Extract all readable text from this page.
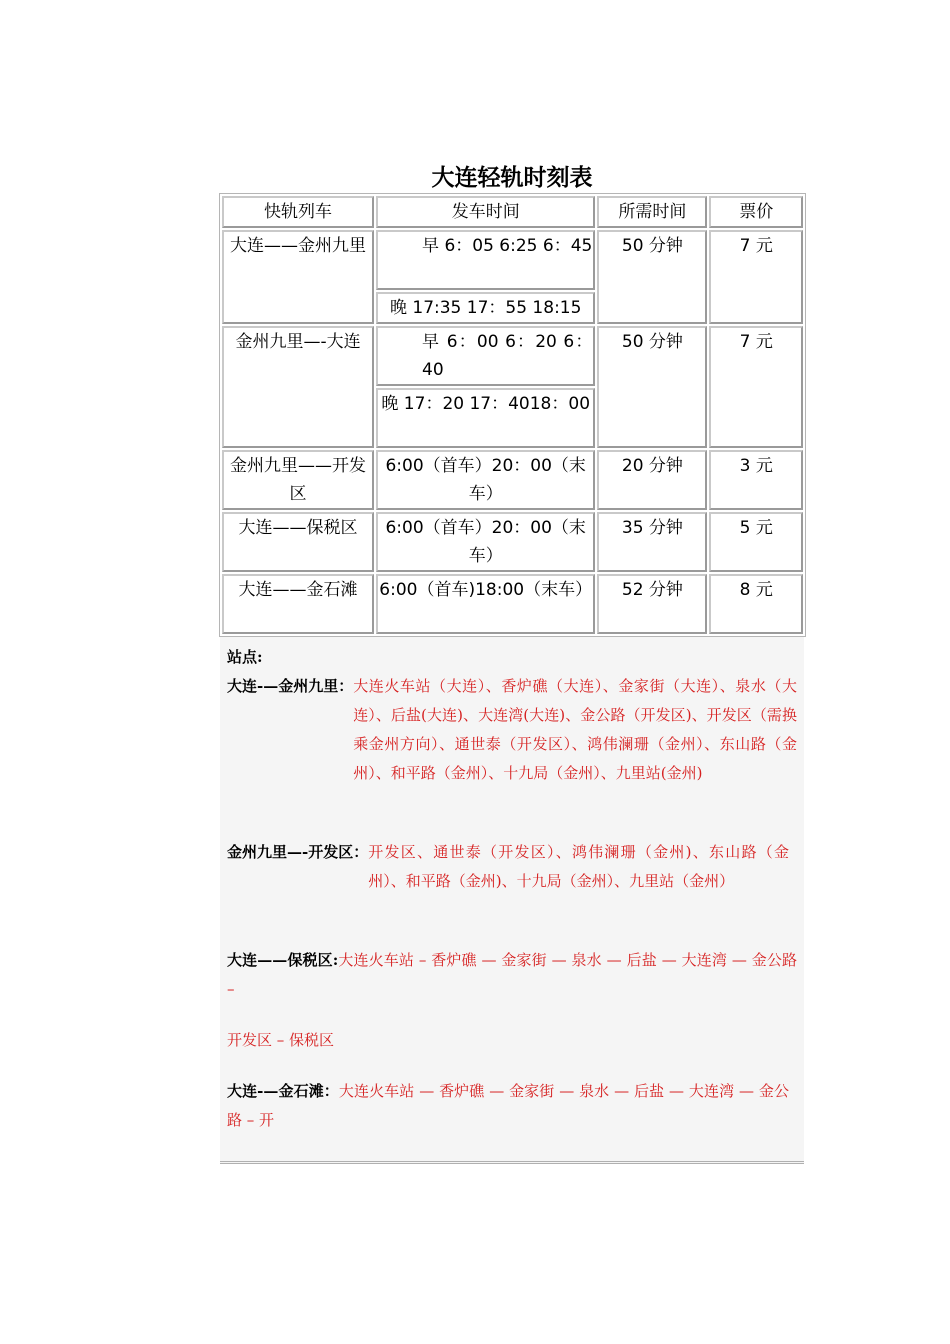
大连轻轨时刻表
快轨列车	发车时间	所需时间	票价
大连——金州九里	早 6：05 6:25 6：45	50 分钟	7 元
	晚 17:35 17：55 18:15		
金州九里—-大连	早 6：00 6：20 6：40	50 分钟	7 元
	晚 17：20 17：4018：00		
金州九里——开发区	6:00（首车）20：00（末车）	20 分钟	3 元
大连——保税区	6:00（首车）20：00（末车）	35 分钟	5 元
大连——金石滩	6:00（首车)18:00（末车）	52 分钟	8 元
站点:
大连-—金州九里： 大连火车站（大连）、香炉礁（大连）、金家街（大连）、泉水（大连）、后盐(大连)、大连湾(大连)、金公路（开发区)、开发区（需换乘金州方向）、通世泰（开发区）、鸿伟澜珊（金州）、东山路（金州）、和平路（金州）、十九局（金州）、九里站(金州)
金州九里—-开发区： 开发区、通世泰（开发区）、鸿伟澜珊（金州)、东山路（金州）、和平路（金州)、十九局（金州）、九里站（金州）
大连——保税区:大连火车站 – 香炉礁 — 金家街 — 泉水 — 后盐 — 大连湾 — 金公路 –
开发区 – 保税区
大连-—金石滩：大连火车站 — 香炉礁 — 金家街 — 泉水 — 后盐 — 大连湾 — 金公路 – 开
